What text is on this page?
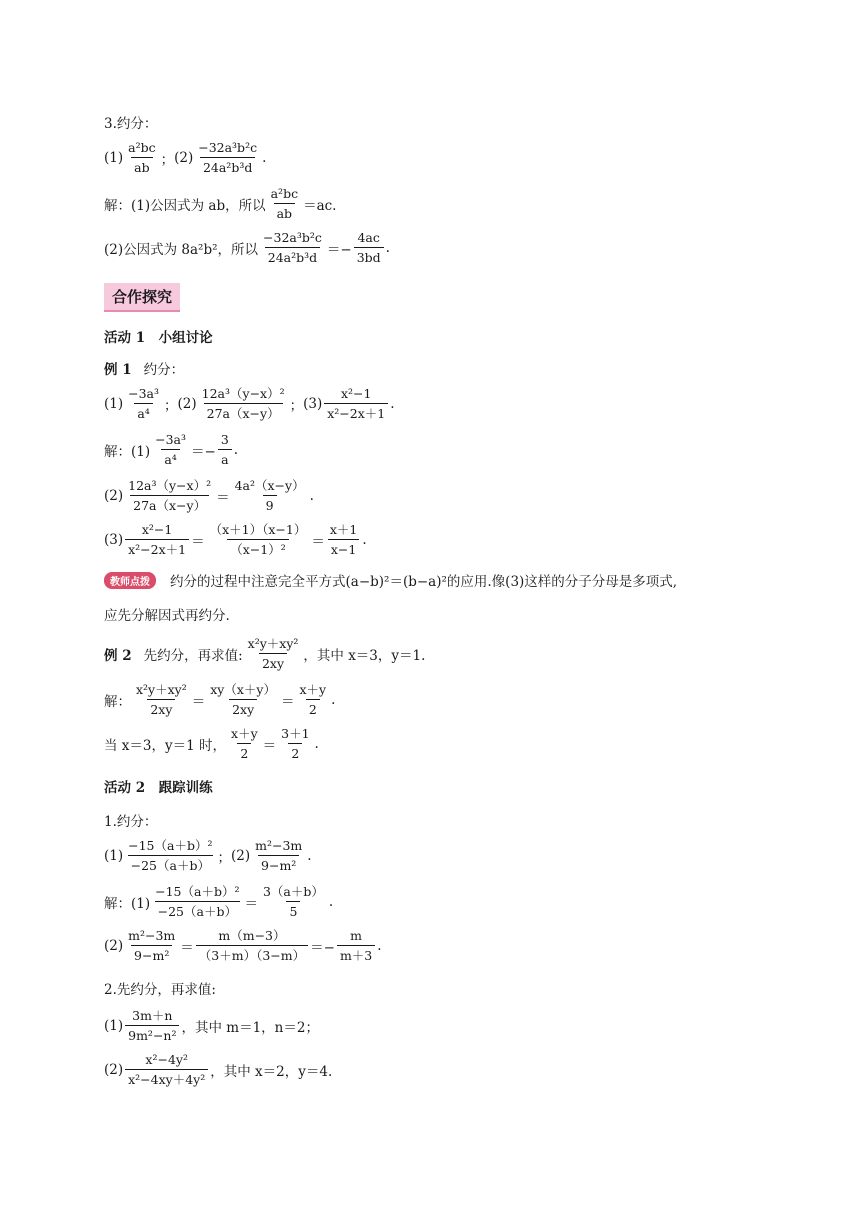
3.约分：
$(1) \frac{\text{a²bc}}{ab}$ ； $(2) \frac{\text{−32a³b²c}}{\text{24a²b³d}}$ .
解：(1)公因式为 ab，所以 $\frac{\text{a²bc}}{ab} =ac$.
(2)公因式为 8a²b²，所以 $\frac{\text{−32a³b²c}}{\text{24a²b³d}} =- \frac{4ac}{3bd}$ .
合作探究
活动 1　小组讨论
例 1 约分：
$(1) \frac{\text{−3a³}}{\text{a⁴}}$ ； $(2) \frac{\text{12a³（y−x）²}}{27a(x-y)}$ ； $(3) \frac{\text{x²−1}}{\text{x²−2x＋1}}$ .
解：$(1) \frac{\text{−3a³}}{\text{a⁴}} =- \frac{3}{a}$ .
$(2) \frac{\text{12a³（y−x）²}}{27a(x-y)} = \frac{\text{4a²（x−y）}}{9}$ .
$(3) \frac{\text{x²−1}}{\text{x²−2x＋1}} = \frac{(x+1)(x-1)}{\text{（x−1）²}} = \frac{x+1}{x-1}$ .
教师点拨	约分的过程中注意完全平方式(a−b)²＝(b−a)²的应用.像(3)这样的分子分母是多项式,
应先分解因式再约分.
例 2 先约分，再求值: $\frac{\text{x²y＋xy²}}{2xy}$ ，其中 x＝3，y＝1.
解： $\frac{\text{x²y＋xy²}}{2xy} = \frac{xy(x+y)}{2xy} = \frac{x+y}{2}$ .
当 x＝3，y＝1 时， $\frac{x+y}{2} = \frac{3+1}{2}$ .
活动 2　跟踪训练
1.约分：
$(1) \frac{\text{−15（a＋b）²}}{-25(a+b)}$ ； $(2) \frac{\text{m²−3m}}{\text{9−m²}}$ .
解：$(1) \frac{\text{−15（a＋b）²}}{-25(a+b)} = \frac{3(a+b)}{5}$ .
$(2) \frac{\text{m²−3m}}{\text{9−m²}} = \frac{m(m-3)}{(3+m)(3-m)} =- \frac{m}{m+3}$ .
2.先约分，再求值:
$(1) \frac{3m+n}{\text{9m²−n²}}$ ，其中 m＝1，n＝2；
$(2) \frac{\text{x²−4y²}}{\text{x²−4xy＋4y²}}$ ，其中 x＝2，y＝4.
